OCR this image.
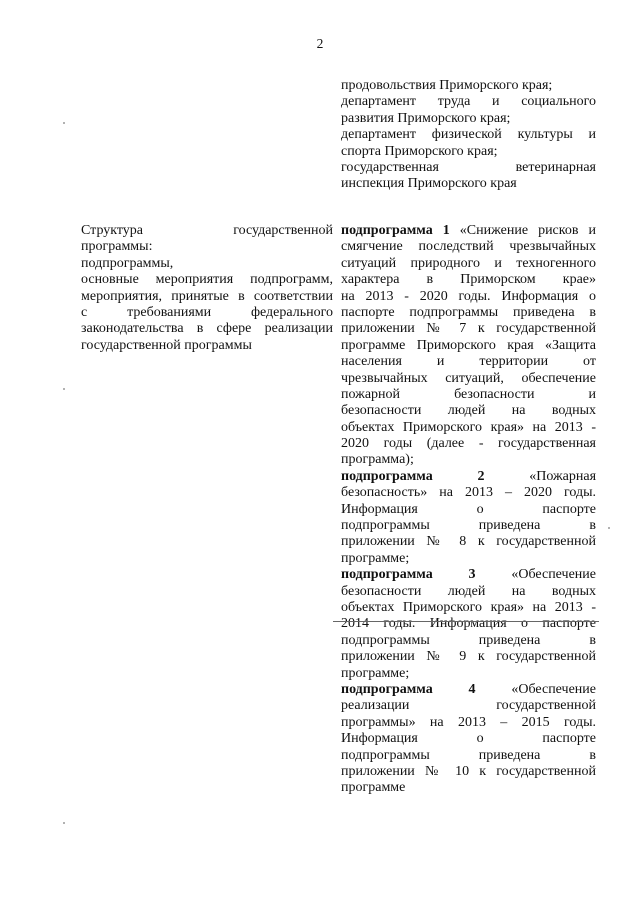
2
продовольствия Приморского края;
департамент труда и социального
развития Приморского края;
департамент физической культуры и
спорта Приморского края;
государственная ветеринарная
инспекция Приморского края
Структура государственной
программы:
подпрограммы,
основные мероприятия подпрограмм,
мероприятия, принятые в соответствии
с требованиями федерального
законодательства в сфере реализации
государственной программы
подпрограмма 1 «Снижение рисков и
смягчение последствий чрезвычайных
ситуаций природного и техногенного
характера в Приморском крае»
на 2013 - 2020 годы. Информация о
паспорте подпрограммы приведена в
приложении № 7 к государственной
программе Приморского края «Защита
населения и территории от
чрезвычайных ситуаций, обеспечение
пожарной безопасности и
безопасности людей на водных
объектах Приморского края» на 2013 -
2020 годы (далее - государственная
программа);
подпрограмма 2 «Пожарная
безопасность» на 2013 – 2020 годы.
Информация о паспорте
подпрограммы приведена в
приложении № 8 к государственной
программе;
подпрограмма 3 «Обеспечение
безопасности людей на водных
объектах Приморского края» на 2013 -
2014 годы. Информация о паспорте
подпрограммы приведена в
приложении № 9 к государственной
программе;
подпрограмма 4 «Обеспечение
реализации государственной
программы» на 2013 – 2015 годы.
Информация о паспорте
подпрограммы приведена в
приложении № 10 к государственной
программе
